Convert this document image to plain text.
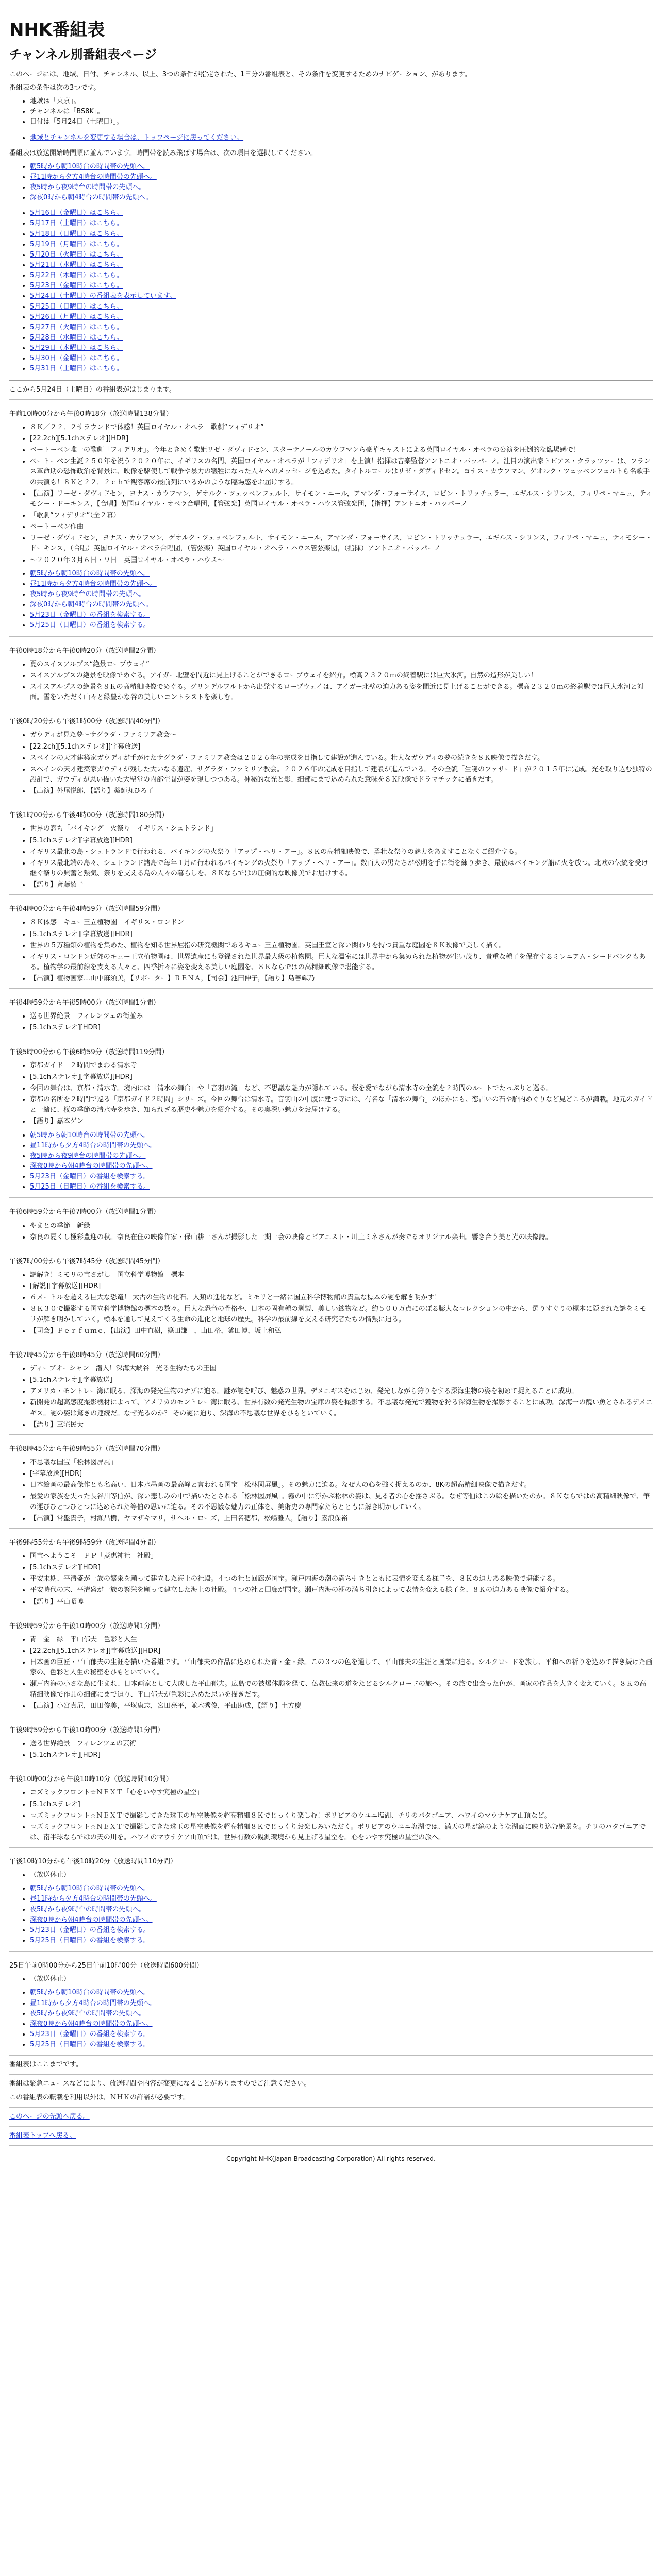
NHK番組表
チャンネル別番組表ページ

このページには、地域、日付、チャンネル、以上、3つの条件が指定された、1日分の番組表と、その条件を変更するためのナビゲーション、があります。

番組表の条件は次の3つです。

• 地域は「東京」。
• チャンネルは「BS8K」。
• 日付は「5月24日（土曜日）」。
• 地域とチャンネルを変更する場合は、トップページに戻ってください。

番組表は放送開始時間順に並んでいます。時間帯を読み飛ばす場合は、次の項目を選択してください。

• 朝5時から朝10時台の時間帯の先頭へ。
• 昼11時から夕方4時台の時間帯の先頭へ。
• 夜5時から夜9時台の時間帯の先頭へ。
• 深夜0時から朝4時台の時間帯の先頭へ。
• 5月16日（金曜日）はこちら。
• 5月17日（土曜日）はこちら。
• 5月18日（日曜日）はこちら。
• 5月19日（月曜日）はこちら。
• 5月20日（火曜日）はこちら。
• 5月21日（水曜日）はこちら。
• 5月22日（木曜日）はこちら。
• 5月23日（金曜日）はこちら。
• 5月24日（土曜日）の番組表を表示しています。
• 5月25日（日曜日）はこちら。
• 5月26日（月曜日）はこちら。
• 5月27日（火曜日）はこちら。
• 5月28日（水曜日）はこちら。
• 5月29日（木曜日）はこちら。
• 5月30日（金曜日）はこちら。
• 5月31日（土曜日）はこちら。

ここから5月24日（土曜日）の番組表がはじまります。

午前10時00分から午後0時18分（放送時間138分間）

• ８Ｋ／２２．２サラウンドで体感！英国ロイヤル・オペラ　歌劇“フィデリオ”
• [22.2ch][5.1chステレオ][HDR]
• ベートーベン唯一の歌劇「フィデリオ」。今年ときめく歌姫リゼ・ダヴィドセン、スターテノールのカウフマンら豪華キャストによる英国ロイヤル・オペラの公演を圧倒的な臨場感で！
• ベートーベン生誕２５０年を祝う２０２０年に、イギリスの名門、英国ロイヤル・オペラが「フィデリオ」を上演！指揮は音楽監督アントニオ・パッパーノ。注目の演出家トビアス・クラッツァーは、フランス革命期の恐怖政治を背景に、映像を駆使して戦争や暴力の犠牲になった人々へのメッセージを込めた。タイトルロールはリゼ・ダヴィドセン。ヨナス・カウフマン、ゲオルク・ツェッペンフェルトら名歌手の共演も！８Ｋと２２．２ｃｈで観客席の最前列にいるかのような臨場感をお届けする。
• 【出演】リーゼ・ダヴィドセン，ヨナス・カウフマン，ゲオルク・ツェッペンフェルト，サイモン・ニール，アマンダ・フォーサイス，ロビン・トリッチュラー，エギルス・シリンス，フィリペ・マニュ，ティモシー・ドーキンス，【合唱】英国ロイヤル・オペラ合唱団，【管弦楽】英国ロイヤル・オペラ・ハウス管弦楽団，【指揮】アントニオ・パッパーノ
• 「歌劇“フィデリオ”（全２幕）」
• ベートーベン作曲
• リーゼ・ダヴィドセン，ヨナス・カウフマン，ゲオルク・ツェッペンフェルト，サイモン・ニール，アマンダ・フォーサイス，ロビン・トリッチュラー，エギルス・シリンス，フィリペ・マニュ，ティモシー・ドーキンス，（合唱）英国ロイヤル・オペラ合唱団，（管弦楽）英国ロイヤル・オペラ・ハウス管弦楽団，（指揮）アントニオ・パッパーノ
• 〜２０２０年３月６日・９日　英国ロイヤル・オペラ・ハウス〜
• 朝5時から朝10時台の時間帯の先頭へ。
• 昼11時から夕方4時台の時間帯の先頭へ。
• 夜5時から夜9時台の時間帯の先頭へ。
• 深夜0時から朝4時台の時間帯の先頭へ。
• 5月23日（金曜日）の番組を検索する。
• 5月25日（日曜日）の番組を検索する。

午後0時18分から午後0時20分（放送時間2分間）

• 夏のスイスアルプス“絶景ロープウェイ”
• スイスアルプスの絶景を映像でめぐる。アイガー北壁を間近に見上げることができるロープウェイを紹介。標高２３２０ｍの終着駅には巨大氷河。自然の造形が美しい！
• スイスアルプスの絶景を８Ｋの高精細映像でめぐる。グリンデルワルトから出発するロープウェイは、アイガー北壁の迫力ある姿を間近に見上げることができる。標高２３２０ｍの終着駅では巨大氷河と対面。雪をいただく山々と緑豊かな谷の美しいコントラストを楽しむ。

午後0時20分から午後1時00分（放送時間40分間）

• ガウディが見た夢〜サグラダ・ファミリア教会〜
• [22.2ch][5.1chステレオ][字幕放送]
• スペインの天才建築家ガウディが手がけたサグラダ・ファミリア教会は２０２６年の完成を目指して建設が進んでいる。壮大なガウディの夢の続きを８Ｋ映像で描きだす。
• スペインの天才建築家ガウディが残した大いなる遺産、サグラダ・ファミリア教会。２０２６年の完成を目指して建設が進んでいる。その全貌「生誕のファサード」が２０１５年に完成。光を取り込む独特の設計で、ガウディが思い描いた大聖堂の内部空間が姿を現しつつある。神秘的な光と影、細部にまで込められた意味を８Ｋ映像でドラマチックに描きだす。
• 【出演】外尾悦郎，【語り】薬師丸ひろ子

午後1時00分から午後4時00分（放送時間180分間）

• 世界の窓ち「バイキング　火祭り　イギリス・シェトランド」
• [5.1chステレオ][字幕放送][HDR]
• イギリス最北の島・シェトランドで行われる、バイキングの火祭り「アップ・ヘリ・アー」。８Ｋの高精細映像で、勇壮な祭りの魅力をあますことなくご紹介する。
• イギリス最北端の島々、シェトランド諸島で毎年１月に行われるバイキングの火祭り「アップ・ヘリ・アー」。数百人の男たちが松明を手に街を練り歩き、最後はバイキング船に火を放つ。北欧の伝統を受け継ぐ祭りの興奮と熱気、祭りを支える島の人々の暮らしを、８Ｋならではの圧倒的な映像美でお届けする。
• 【語り】斎藤綾子

午後4時00分から午後4時59分（放送時間59分間）

• ８Ｋ体感　キュー王立植物園　イギリス・ロンドン
• [5.1chステレオ][字幕放送][HDR]
• 世界の５万種類の植物を集めた、植物を知る世界屈指の研究機関であるキュー王立植物園。英国王室と深い関わりを持つ貴重な庭園を８Ｋ映像で美しく描く。
• イギリス・ロンドン近郊のキュー王立植物園は、世界遺産にも登録された世界最大級の植物園。巨大な温室には世界中から集められた植物が生い茂り、貴重な種子を保存するミレニアム・シードバンクもある。植物学の最前線を支える人々と、四季折々に姿を変える美しい庭園を、８Ｋならではの高精細映像で堪能する。
• 【出演】植物画家…山中麻須美，【リポーター】ＲＥＮＡ，【司会】池田伸子，【語り】島善輝乃

午後4時59分から午後5時00分（放送時間1分間）

• 送る世界絶景　フィレンツェの街並み
• [5.1chステレオ][HDR]

午後5時00分から午後6時59分（放送時間119分間）

• 京都ガイド　２時間でまわる清水寺
• [5.1chステレオ][字幕放送][HDR]
• 今回の舞台は、京都・清水寺。境内には「清水の舞台」や「音羽の滝」など、不思議な魅力が隠れている。桜を愛でながら清水寺の全貌を２時間のルートでたっぷりと巡る。
• 京都の名所を２時間で巡る「京都ガイド２時間」シリーズ。今回の舞台は清水寺。音羽山の中腹に建つ寺には、有名な「清水の舞台」のほかにも、恋占いの石や胎内めぐりなど見どころが満載。地元のガイドと一緒に、桜の季節の清水寺を歩き、知られざる歴史や魅力を紹介する。その奥深い魅力をお届けする。
• 【語り】嘉本ゲン
• 朝5時から朝10時台の時間帯の先頭へ。
• 昼11時から夕方4時台の時間帯の先頭へ。
• 夜5時から夜9時台の時間帯の先頭へ。
• 深夜0時から朝4時台の時間帯の先頭へ。
• 5月23日（金曜日）の番組を検索する。
• 5月25日（日曜日）の番組を検索する。

午後6時59分から午後7時00分（放送時間1分間）

• やまとの季節　新緑
• 奈良の夏くし極彩豊迎の秋。奈良在住の映像作家・保山耕一さんが撮影した一期一会の映像とピアニスト・川上ミネさんが奏でるオリジナル楽曲。響き合う美と光の映像詩。

午後7時00分から午後7時45分（放送時間45分間）

• 謎解き！ミモリの宝さがし　国立科学博物館　標本
• [解説][字幕放送][HDR]
• ６メートルを超える巨大な恐竜！ 太古の生物の化石、人類の進化など。ミモリと一緒に国立科学博物館の貴重な標本の謎を解き明かす！
• ８Ｋ３０で撮影する国立科学博物館の標本の数々。巨大な恐竜の骨格や、日本の固有種の剥製、美しい鉱物など。約５００万点にのぼる膨大なコレクションの中から、選りすぐりの標本に隠された謎をミモリが解き明かしていく。標本を通して見えてくる生命の進化と地球の歴史。科学の最前線を支える研究者たちの情熱に迫る。
• 【司会】Ｐｅｒｆｕｍｅ，【出演】田中直樹，篠田謙一，山田格，釜田博，坂上和弘

午後7時45分から午後8時45分（放送時間60分間）

• ディープオーシャン　潜入！深海大峡谷　光る生物たちの王国
• [5.1chステレオ][字幕放送]
• アメリカ・モントレー湾に眠る、深海の発光生物のナゾに迫る。謎が謎を呼び、魅惑の世界。デメニギスをはじめ、発光しながら狩りをする深海生物の姿を初めて捉えることに成功。
• 新開発の超高感度撮影機材によって、アメリカのモントレー湾に眠る、世界有数の発光生物の宝庫の姿を撮影する。不思議な発光で獲物を狩る深海生物を撮影することに成功。深海一の醜い魚とされるデメニギス。謎の姿は驚きの連続だ。なぜ光るのか？ その謎に迫り、深海の不思議な世界をひもといていく。
• 【語り】三宅民夫

午後8時45分から午後9時55分（放送時間70分間）

• 不思議な国宝「松林図屏風」
• [字幕放送][HDR]
• 日本絵画の最高傑作とも名高い、日本水墨画の最高峰と言われる国宝「松林図屏風」。その魅力に迫る。なぜ人の心を強く捉えるのか、8Kの超高精細映像で描きだす。
• 最愛の家族を失った長谷川等伯が、深い悲しみの中で描いたとされる「松林図屏風」。霧の中に浮かぶ松林の姿は、見る者の心を揺さぶる。なぜ等伯はこの絵を描いたのか。８Ｋならではの高精細映像で、筆の運びひとつひとつに込められた等伯の思いに迫る。その不思議な魅力の正体を、美術史の専門家たちとともに解き明かしていく。
• 【出演】常盤貴子，村瀬昌樹，ヤマザキマリ，サヘル・ローズ，上田名穂都，松嶋雅人，【語り】素浪保裕

午後9時55分から午後9時59分（放送時間4分間）

• 国宝へようこそ　ＦＰ「菱惠神社　社殿」
• [5.1chステレオ][HDR]
• 平安末期、平清盛が一族の繁栄を願って建立した海上の社殿。４つの社と回廊が国宝。瀬戸内海の潮の満ち引きとともに表情を変える様子を、８Ｋの迫力ある映像で堪能する。
• 平安時代の末、平清盛が一族の繁栄を願って建立した海上の社殿。４つの社と回廊が国宝。瀬戸内海の潮の満ち引きによって表情を変える様子を、８Ｋの迫力ある映像で紹介する。
• 【語り】平山昭博

午後9時59分から午後10時00分（放送時間1分間）

• 青　金　緑　平山郁夫　色彩と人生
• [22.2ch][5.1chステレオ][字幕放送][HDR]
• 日本画の巨匠・平山郁夫の生涯を描いた番組です。平山郁夫の作品に込められた青・金・緑。この３つの色を通して、平山郁夫の生涯と画業に迫る。シルクロードを旅し、平和への祈りを込めて描き続けた画家の、色彩と人生の秘密をひもといていく。
• 瀬戸内海の小さな島に生まれ、日本画家として大成した平山郁夫。広島での被爆体験を経て、仏教伝来の道をたどるシルクロードの旅へ。その旅で出会った色が、画家の作品を大きく変えていく。８Ｋの高精細映像で作品の細部にまで迫り、平山郁夫が色彩に込めた思いを描きだす。
• 【出演】小宮真尼，田田俊美，平塚康志，宮田亮平，並木秀俊，平山助成，【語り】土方慶

午後9時59分から午後10時00分（放送時間1分間）

• 送る世界絶景　フィレンツェの芸術
• [5.1chステレオ][HDR]

午後10時00分から午後10時10分（放送時間10分間）

• コズミックフロント☆ＮＥＸＴ「心をいやす究極の星空」
• [5.1chステレオ]
• コズミックフロント☆ＮＥＸＴで撮影してきた珠玉の星空映像を超高精細８Ｋでじっくり楽しむ！ボリビアのウユニ塩湖、チリのパタゴニア、ハワイのマウナケア山頂など。
• コズミックフロント☆ＮＥＸＴで撮影してきた珠玉の星空映像を超高精細８Ｋでじっくりお楽しみいただく。ボリビアのウユニ塩湖では、満天の星が鏡のような湖面に映り込む絶景を。チリのパタゴニアでは、南半球ならではの天の川を。ハワイのマウナケア山頂では、世界有数の観測環境から見上げる星空を。心をいやす究極の星空の旅へ。

午後10時10分から午後10時20分（放送時間110分間）

• （放送休止）
• 朝5時から朝10時台の時間帯の先頭へ。
• 昼11時から夕方4時台の時間帯の先頭へ。
• 夜5時から夜9時台の時間帯の先頭へ。
• 深夜0時から朝4時台の時間帯の先頭へ。
• 5月23日（金曜日）の番組を検索する。
• 5月25日（日曜日）の番組を検索する。

25日午前0時00分から25日午前10時00分（放送時間600分間）

• （放送休止）
• 朝5時から朝10時台の時間帯の先頭へ。
• 昼11時から夕方4時台の時間帯の先頭へ。
• 夜5時から夜9時台の時間帯の先頭へ。
• 深夜0時から朝4時台の時間帯の先頭へ。
• 5月23日（金曜日）の番組を検索する。
• 5月25日（日曜日）の番組を検索する。

番組表はここまでです。

番組は緊急ニュースなどにより、放送時間や内容が変更になることがありますのでご注意ください。

この番組表の転載を利用以外は、ＮＨＫの許諾が必要です。

このページの先頭へ戻る。

番組表トップへ戻る。

Copyright NHK(Japan Broadcasting Corporation) All rights reserved.
